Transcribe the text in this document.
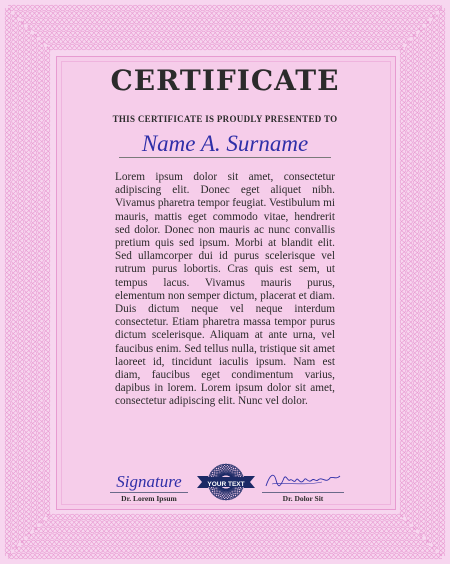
CERTIFICATE
THIS CERTIFICATE IS PROUDLY PRESENTED TO
Name A. Surname
Lorem ipsum dolor sit amet, consectetur adipiscing elit. Donec eget aliquet nibh. Vivamus pharetra tempor feugiat. Vestibulum mi mauris, mattis eget commodo vitae, hendrerit sed dolor. Donec non mauris ac nunc convallis pretium quis sed ipsum. Morbi at blandit elit. Sed ullamcorper dui id purus scelerisque vel rutrum purus lobortis. Cras quis est sem, ut tempus lacus. Vivamus mauris purus, elementum non semper dictum, placerat et diam. Duis dictum neque vel neque interdum consectetur. Etiam pharetra massa tempor purus dictum scelerisque. Aliquam at ante urna, vel faucibus enim. Sed tellus nulla, tristique sit amet laoreet id, tincidunt iaculis ipsum. Nam est diam, faucibus eget condimentum varius, dapibus in lorem. Lorem ipsum dolor sit amet, consectetur adipiscing elit. Nunc vel dolor.
Signature
Dr. Lorem Ipsum
YOUR TEXT
Dr. Dolor Sit
